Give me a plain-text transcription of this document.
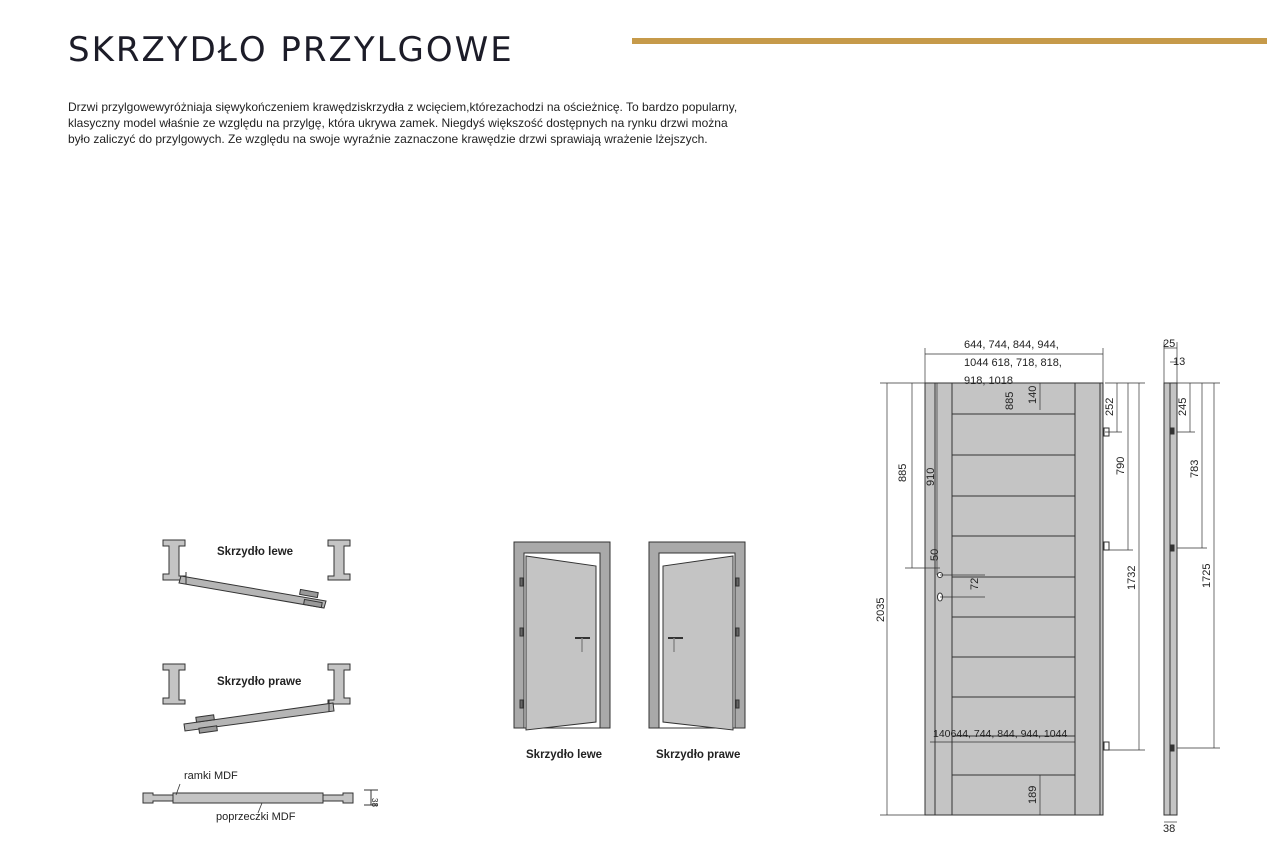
SKRZYDŁO PRZYLGOWE

Drzwi przylgowewyróżniaja sięwykończeniem krawędziskrzydła z wcięciem,którezachodzi na ościeżnicę. To bardzo popularny, klasyczny model właśnie ze względu na przylgę, która ukrywa zamek. Niegdyś większość dostępnych na rynku drzwi można było zaliczyć do przylgowych. Ze względu na swoje wyraźnie zaznaczone krawędzie drzwi sprawiają wrażenie lżejszych.

38
885 910
50
72
2035
885 140
252
790
1732
189
245
783
1725
Skrzydło lewe
Skrzydło prawe
ramki MDF
poprzeczki MDF
Skrzydło lewe	Skrzydło prawe
644, 744, 844, 944,
1044 618, 718, 818,
918, 1018
140644, 744, 844, 944, 1044
25
13
38
